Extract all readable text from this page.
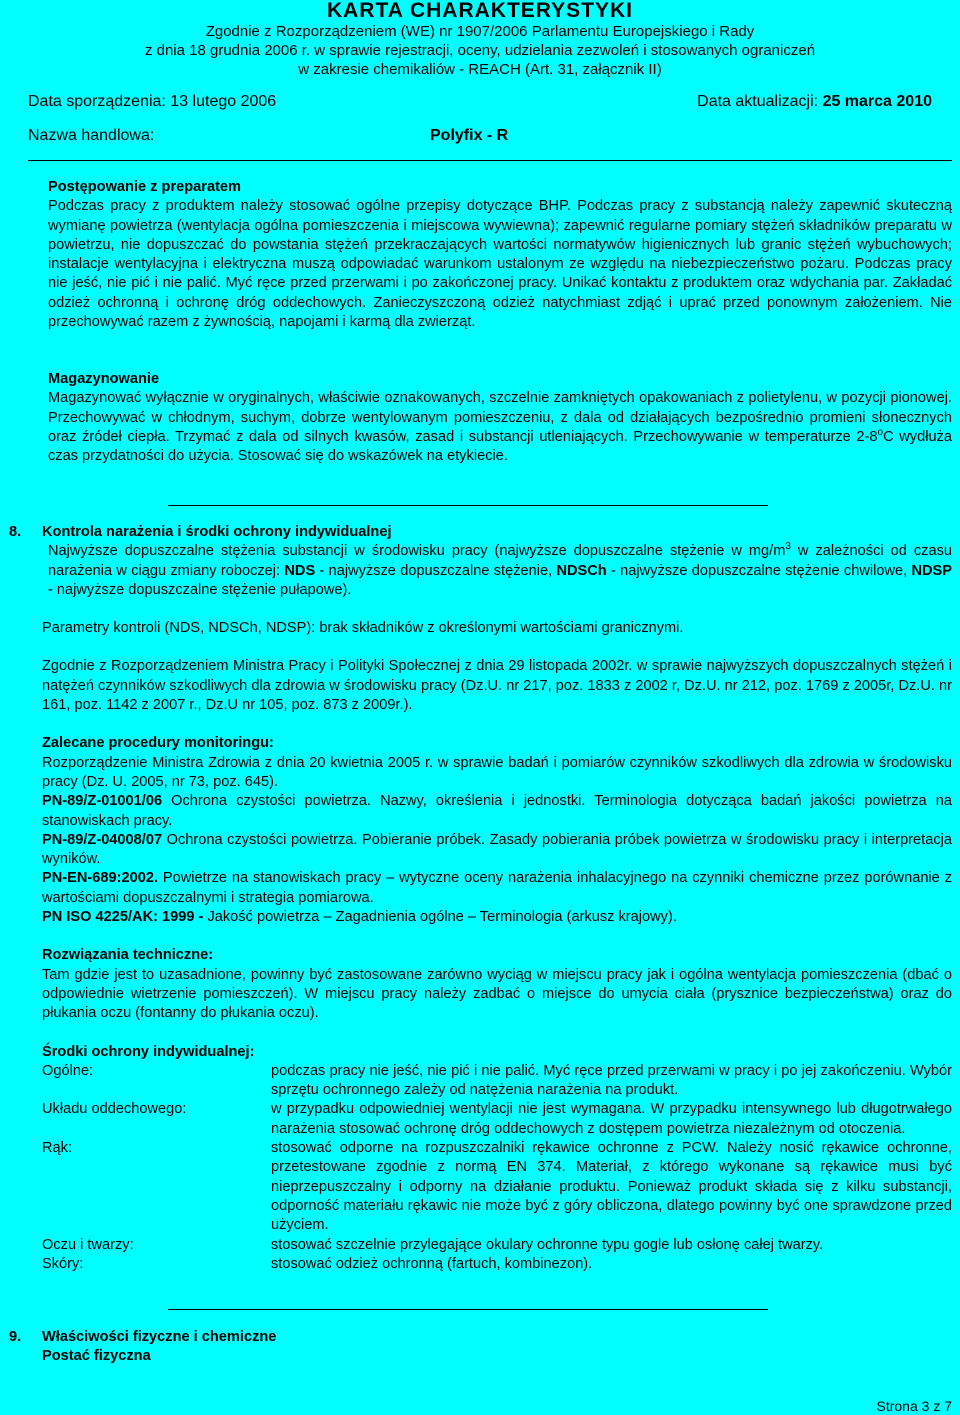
KARTA CHARAKTERYSTYKI
Zgodnie z Rozporządzeniem (WE) nr 1907/2006 Parlamentu Europejskiego i Rady
z dnia 18 grudnia 2006 r. w sprawie rejestracji, oceny, udzielania zezwoleń i stosowanych ograniczeń
w zakresie chemikaliów - REACH (Art. 31, załącznik II)
Data sporządzenia: 13 lutego 2006	Data aktualizacji: 25 marca 2010
Nazwa handlowa:	Polyfix - R

Postępowanie z preparatem

Podczas pracy z produktem należy stosować ogólne przepisy dotyczące BHP. Podczas pracy z substancją należy zapewnić skuteczną wymianę powietrza (wentylacja ogólna pomieszczenia i miejscowa wywiewna); zapewnić regularne pomiary stężeń składników preparatu w powietrzu, nie dopuszczać do powstania stężeń przekraczających wartości normatywów higienicznych lub granic stężeń wybuchowych; instalacje wentylacyjna i elektryczna muszą odpowiadać warunkom ustalonym ze względu na niebezpieczeństwo pożaru. Podczas pracy nie jeść, nie pić i nie palić. Myć ręce przed przerwami i po zakończonej pracy. Unikać kontaktu z produktem oraz wdychania par. Zakładać odzież ochronną i ochronę dróg oddechowych. Zanieczyszczoną odzież natychmiast zdjąć i uprać przed ponownym założeniem. Nie przechowywać razem z żywnością, napojami i karmą dla zwierząt.

Magazynowanie

Magazynować wyłącznie w oryginalnych, właściwie oznakowanych, szczelnie zamkniętych opakowaniach z polietylenu, w pozycji pionowej. Przechowywać w chłodnym, suchym, dobrze wentylowanym pomieszczeniu, z dala od działających bezpośrednio promieni słonecznych oraz źródeł ciepła. Trzymać z dala od silnych kwasów, zasad i substancji utleniających. Przechowywanie w temperaturze 2-8$^o$C wydłuża czas przydatności do użycia. Stosować się do wskazówek na etykiecie.

8. Kontrola narażenia i środki ochrony indywidualnej

Najwyższe dopuszczalne stężenia substancji w środowisku pracy (najwyższe dopuszczalne stężenie w $mg/m^3$ w zależności od czasu narażenia w ciągu zmiany roboczej: NDS - najwyższe dopuszczalne stężenie, NDSCh - najwyższe dopuszczalne stężenie chwilowe, NDSP - najwyższe dopuszczalne stężenie pułapowe).

Parametry kontroli (NDS, NDSCh, NDSP): brak składników z określonymi wartościami granicznymi.

Zgodnie z Rozporządzeniem Ministra Pracy i Polityki Społecznej z dnia 29 listopada 2002r. w sprawie najwyższych dopuszczalnych stężeń i natężeń czynników szkodliwych dla zdrowia w środowisku pracy (Dz.U. nr 217, poz. 1833 z 2002 r, Dz.U. nr 212, poz. 1769 z 2005r, Dz.U. nr 161, poz. 1142 z 2007 r., Dz.U nr 105, poz. 873 z 2009r.).

Zalecane procedury monitoringu:

Rozporządzenie Ministra Zdrowia z dnia 20 kwietnia 2005 r. w sprawie badań i pomiarów czynników szkodliwych dla zdrowia w środowisku pracy (Dz. U. 2005, nr 73, poz. 645).

PN-89/Z-01001/06 Ochrona czystości powietrza. Nazwy, określenia i jednostki. Terminologia dotycząca badań jakości powietrza na stanowiskach pracy.

PN-89/Z-04008/07 Ochrona czystości powietrza. Pobieranie próbek. Zasady pobierania próbek powietrza w środowisku pracy i interpretacja wyników.

PN-EN-689:2002. Powietrze na stanowiskach pracy – wytyczne oceny narażenia inhalacyjnego na czynniki chemiczne przez porównanie z wartościami dopuszczalnymi i strategia pomiarowa.

PN ISO 4225/AK: 1999 - Jakość powietrza – Zagadnienia ogólne – Terminologia (arkusz krajowy).

Rozwiązania techniczne:

Tam gdzie jest to uzasadnione, powinny być zastosowane zarówno wyciąg w miejscu pracy jak i ogólna wentylacja pomieszczenia (dbać o odpowiednie wietrzenie pomieszczeń). W miejscu pracy należy zadbać o miejsce do umycia ciała (prysznice bezpieczeństwa) oraz do płukania oczu (fontanny do płukania oczu).

Środki ochrony indywidualnej:

Ogólne:	podczas pracy nie jeść, nie pić i nie palić. Myć ręce przed przerwami w pracy i po jej zakończeniu. Wybór sprzętu ochronnego zależy od natężenia narażenia na produkt.
Układu oddechowego:	w przypadku odpowiedniej wentylacji nie jest wymagana. W przypadku intensywnego lub długotrwałego narażenia stosować ochronę dróg oddechowych z dostępem powietrza niezależnym od otoczenia.
Rąk:	stosować odporne na rozpuszczalniki rękawice ochronne z PCW. Należy nosić rękawice ochronne, przetestowane zgodnie z normą EN 374. Materiał, z którego wykonane są rękawice musi być nieprzepuszczalny i odporny na działanie produktu. Ponieważ produkt składa się z kilku substancji, odporność materiału rękawic nie może być z góry obliczona, dlatego powinny być one sprawdzone przed użyciem.
Oczu i twarzy:	stosować szczelnie przylegające okulary ochronne typu gogle lub osłonę całej twarzy.
Skóry:	stosować odzież ochronną (fartuch, kombinezon).
9. Właściwości fizyczne i chemiczne

Postać fizyczna

Strona 3 z 7
